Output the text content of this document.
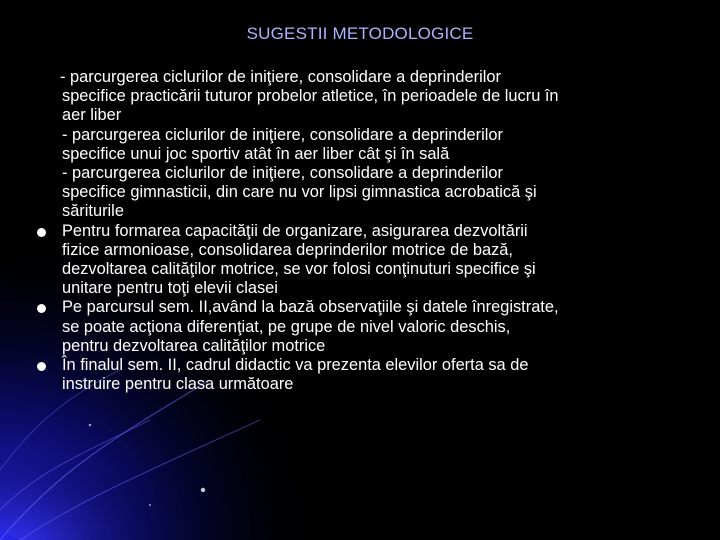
SUGESTII METODOLOGICE
- parcurgerea ciclurilor de iniţiere, consolidare a deprinderilor
specifice practicării tuturor probelor atletice, în perioadele de lucru în
aer liber
- parcurgerea ciclurilor de iniţiere, consolidare a deprinderilor
specifice unui joc sportiv atât în aer liber cât şi în sală
- parcurgerea ciclurilor de iniţiere, consolidare a deprinderilor
specifice gimnasticii, din care nu vor lipsi gimnastica acrobatică şi
săriturile
Pentru formarea capacităţii de organizare, asigurarea dezvoltării
fizice armonioase, consolidarea deprinderilor motrice de bază,
dezvoltarea calităţilor motrice, se vor folosi conţinuturi specifice şi
unitare pentru toţi elevii clasei
Pe parcursul sem. II,având la bază observaţiile şi datele înregistrate,
se poate acţiona diferenţiat, pe grupe de nivel valoric deschis,
pentru dezvoltarea calităţilor motrice
În finalul sem. II, cadrul didactic va prezenta elevilor oferta sa de
instruire pentru clasa următoare
